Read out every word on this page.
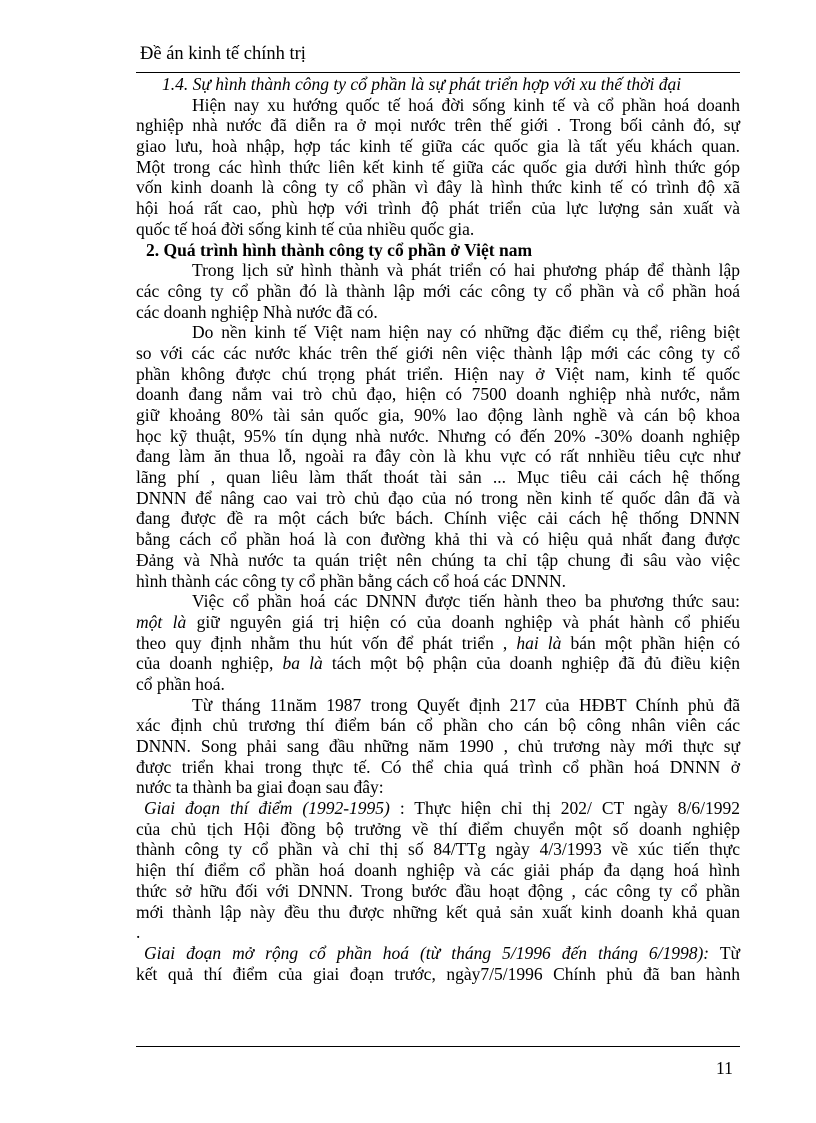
Đề án kinh tế chính trị
1.4. Sự hình thành công ty cổ phần là sự phát triển hợp với xu thế thời đại
Hiện nay xu hướng quốc tế hoá đời sống kinh tế và cổ phần hoá doanh
nghiệp nhà nước đã diễn ra ở mọi nước trên thế giới . Trong bối cảnh đó, sự
giao lưu, hoà nhập, hợp tác kinh tế giữa các quốc gia là tất yếu khách quan.
Một trong các hình thức liên kết kinh tế giữa các quốc gia dưới hình thức góp
vốn kinh doanh là công ty cổ phần vì đây là hình thức kinh tế có trình độ xã
hội hoá rất cao, phù hợp với trình độ phát triển của lực lượng sản xuất và
quốc tế hoá đời sống kinh tế của nhiều quốc gia.
2. Quá trình hình thành công ty cổ phần ở Việt nam
Trong lịch sử hình thành và phát triển có hai phương pháp để thành lập
các công ty cổ phần đó là thành lập mới các công ty cổ phần và cổ phần hoá
các doanh nghiệp Nhà nước đã có.
Do nền kinh tế Việt nam hiện nay có những đặc điểm cụ thể, riêng biệt
so với các các nước khác trên thế giới nên việc thành lập mới các công ty cổ
phần không được chú trọng phát triển. Hiện nay ở Việt nam, kinh tế quốc
doanh đang nắm vai trò chủ đạo, hiện có 7500 doanh nghiệp nhà nước, nắm
giữ khoảng 80% tài sản quốc gia, 90% lao động lành nghề và cán bộ khoa
học kỹ thuật, 95% tín dụng nhà nước. Nhưng có đến 20% -30% doanh nghiệp
đang làm ăn thua lỗ, ngoài ra đây còn là khu vực có rất nnhiều tiêu cực như
lãng phí , quan liêu làm thất thoát tài sản ... Mục tiêu cải cách hệ thống
DNNN để nâng cao vai trò chủ đạo của nó trong nền kinh tế quốc dân đã và
đang được đề ra một cách bức bách. Chính việc cải cách hệ thống DNNN
bằng cách cổ phần hoá là con đường khả thi và có hiệu quả nhất đang được
Đảng và Nhà nước ta quán triệt nên chúng ta chỉ tập chung đi sâu vào việc
hình thành các công ty cổ phần bằng cách cổ hoá các DNNN.
Việc cổ phần hoá các DNNN được tiến hành theo ba phương thức sau:
một là giữ nguyên giá trị hiện có của doanh nghiệp và phát hành cổ phiếu
theo quy định nhằm thu hút vốn để phát triển , hai là bán một phần hiện có
của doanh nghiệp, ba là tách một bộ phận của doanh nghiệp đã đủ điều kiện
cổ phần hoá.
Từ tháng 11năm 1987 trong Quyết định 217 của HĐBT Chính phủ đã
xác định chủ trương thí điểm bán cổ phần cho cán bộ công nhân viên các
DNNN. Song phải sang đầu những năm 1990 , chủ trương này mới thực sự
được triển khai trong thực tế. Có thể chia quá trình cổ phần hoá DNNN ở
nước ta thành ba giai đoạn sau đây:
Giai đoạn thí điểm (1992-1995) : Thực hiện chỉ thị 202/ CT ngày 8/6/1992
của chủ tịch Hội đồng bộ trưởng về thí điểm chuyển một số doanh nghiệp
thành công ty cổ phần và chỉ thị số 84/TTg ngày 4/3/1993 về xúc tiến thực
hiện thí điểm cổ phần hoá doanh nghiệp và các giải pháp đa dạng hoá hình
thức sở hữu đối với DNNN. Trong bước đầu hoạt động , các công ty cổ phần
mới thành lập này đều thu được những kết quả sản xuất kinh doanh khả quan
.
Giai đoạn mở rộng cổ phần hoá (từ tháng 5/1996 đến tháng 6/1998): Từ
kết quả thí điểm của giai đoạn trước, ngày7/5/1996 Chính phủ đã ban hành
11
